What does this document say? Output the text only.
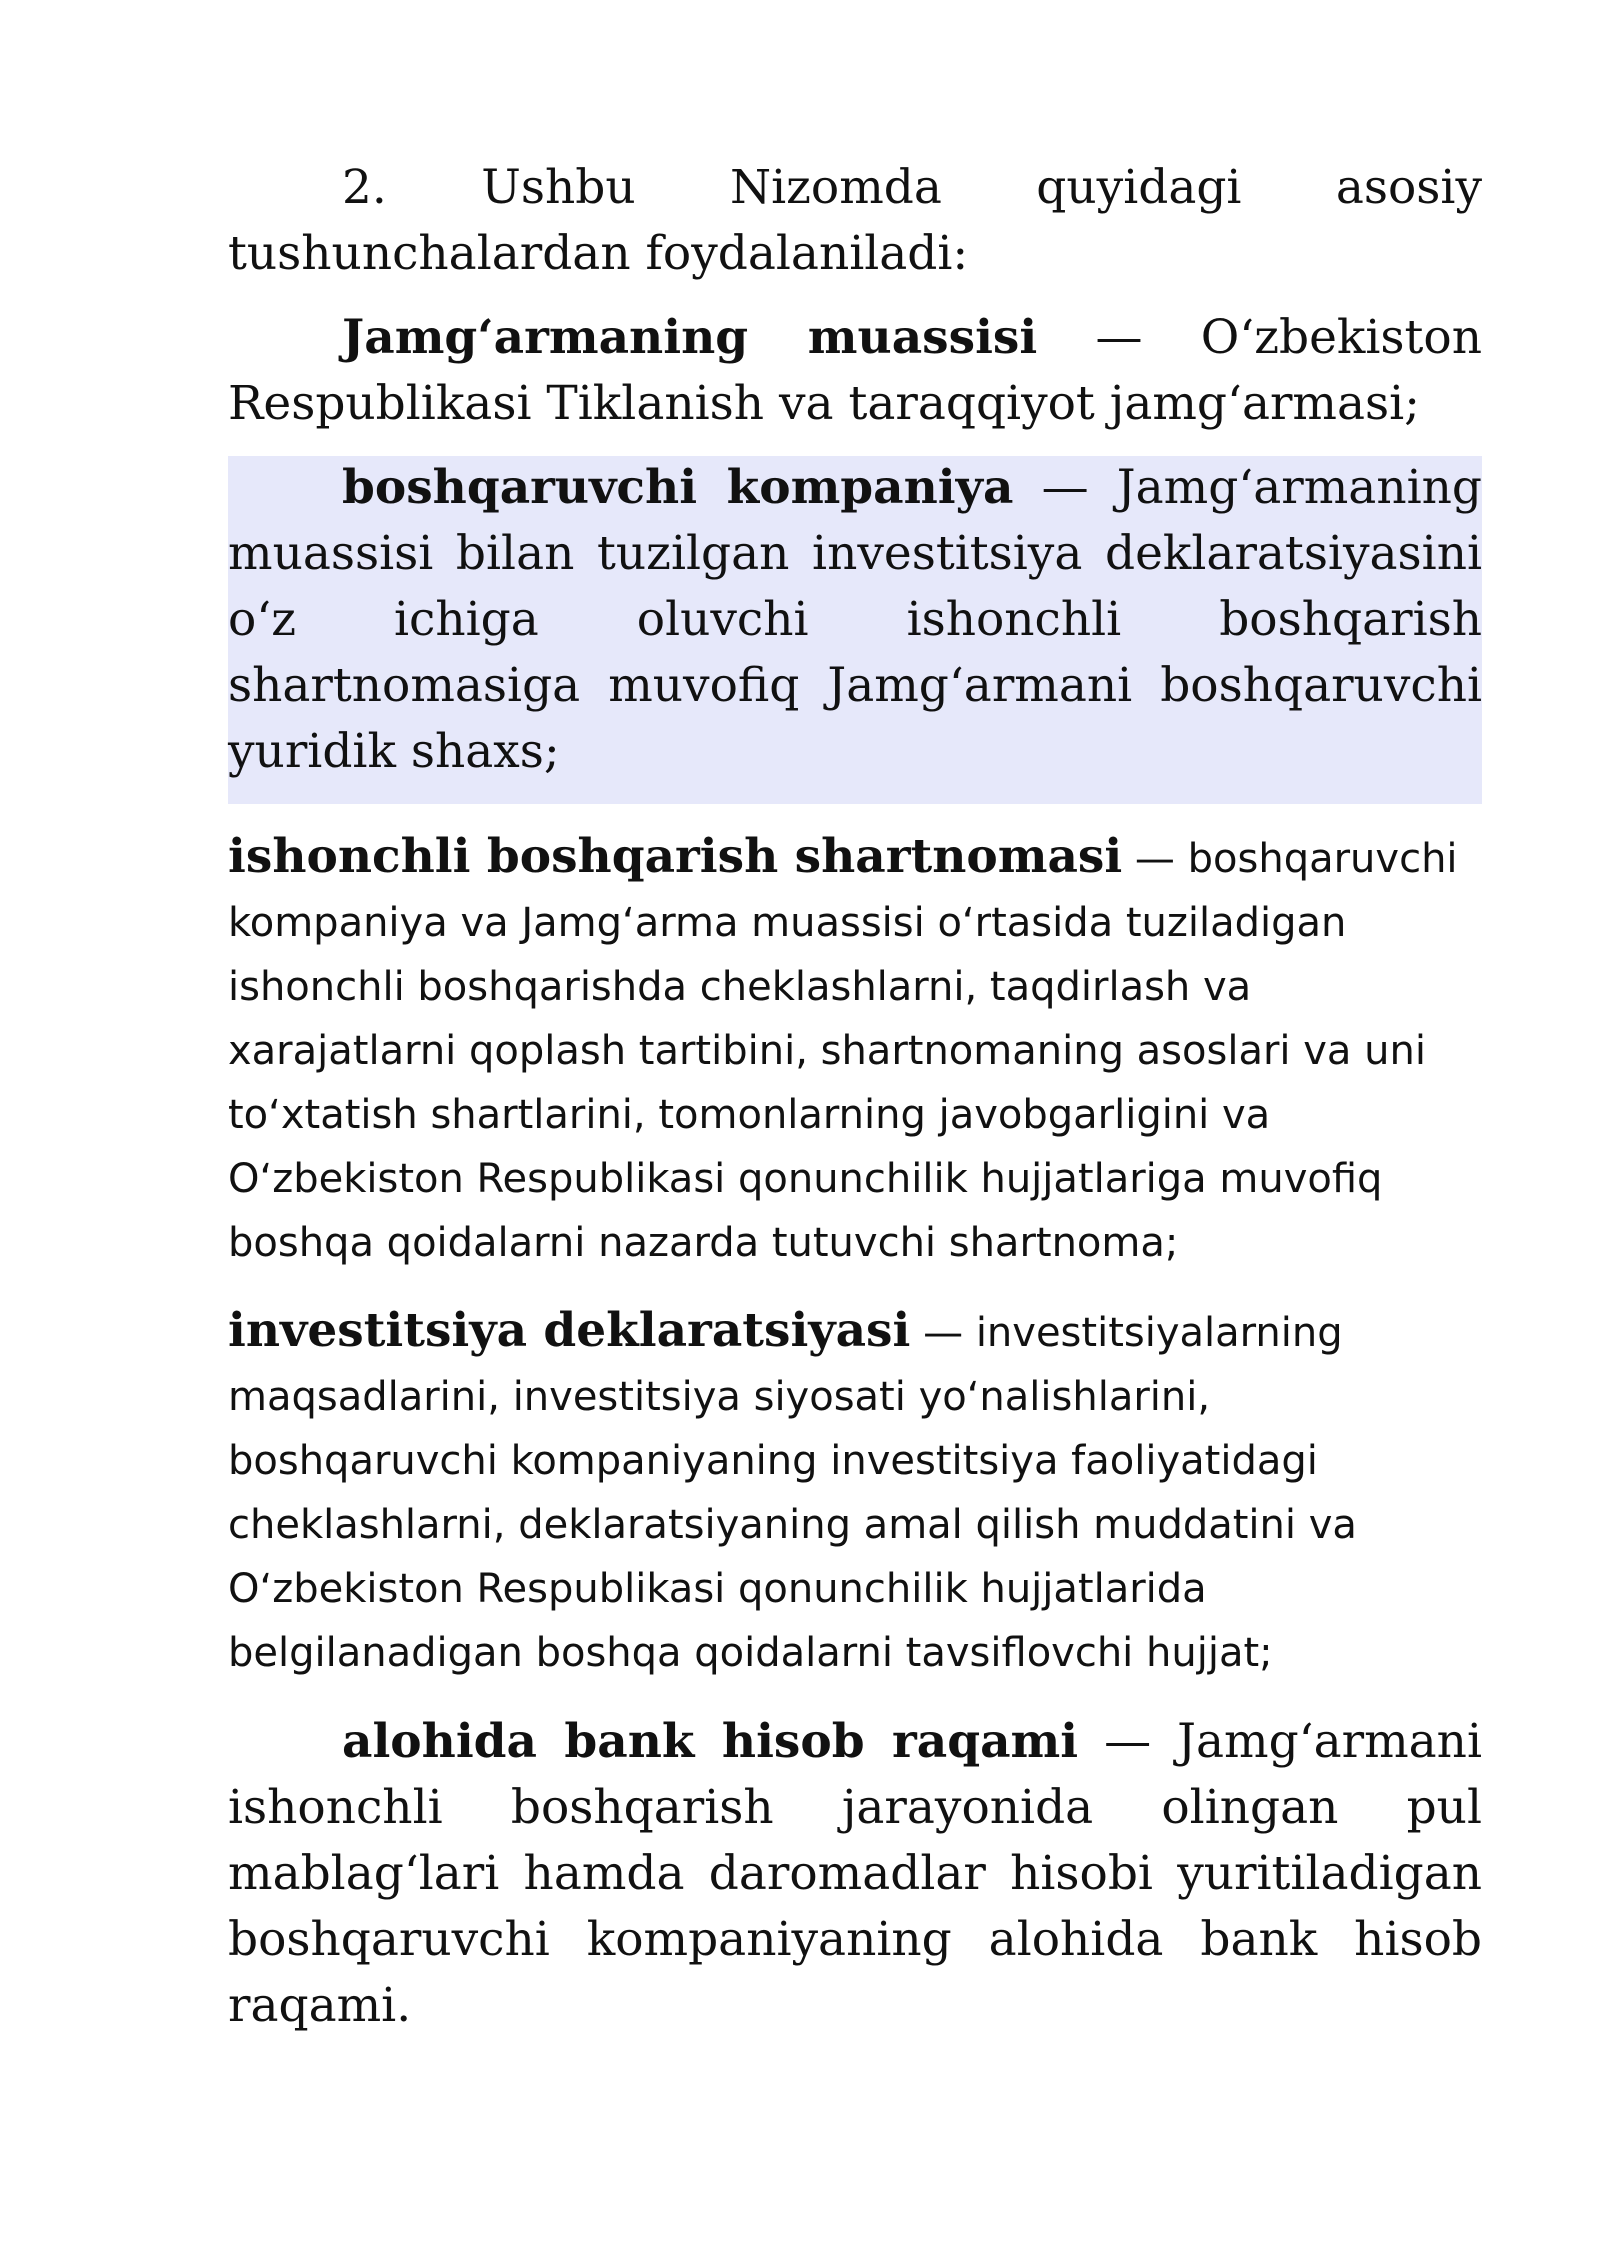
2. Ushbu Nizomda quyidagi asosiy tushunchalardan foydalaniladi:

Jamg‘armaning muassisi — O‘zbekiston Respublikasi Tiklanish va taraqqiyot jamg‘armasi;

boshqaruvchi kompaniya — Jamg‘armaning muassisi bilan tuzilgan investitsiya deklaratsiyasini o‘z ichiga oluvchi ishonchli boshqarish shartnomasiga muvofiq Jamg‘armani boshqaruvchi yuridik shaxs;

ishonchli boshqarish shartnomasi — boshqaruvchi kompaniya va Jamg‘arma muassisi o‘rtasida tuziladigan ishonchli boshqarishda cheklashlarni, taqdirlash va xarajatlarni qoplash tartibini, shartnomaning asoslari va uni to‘xtatish shartlarini, tomonlarning javobgarligini va O‘zbekiston Respublikasi qonunchilik hujjatlariga muvofiq boshqa qoidalarni nazarda tutuvchi shartnoma;

investitsiya deklaratsiyasi — investitsiyalarning maqsadlarini, investitsiya siyosati yo‘nalishlarini, boshqaruvchi kompaniyaning investitsiya faoliyatidagi cheklashlarni, deklaratsiyaning amal qilish muddatini va O‘zbekiston Respublikasi qonunchilik hujjatlarida belgilanadigan boshqa qoidalarni tavsiflovchi hujjat;

alohida bank hisob raqami — Jamg‘armani ishonchli boshqarish jarayonida olingan pul mablag‘lari hamda daromadlar hisobi yuritiladigan boshqaruvchi kompaniyaning alohida bank hisob raqami.
